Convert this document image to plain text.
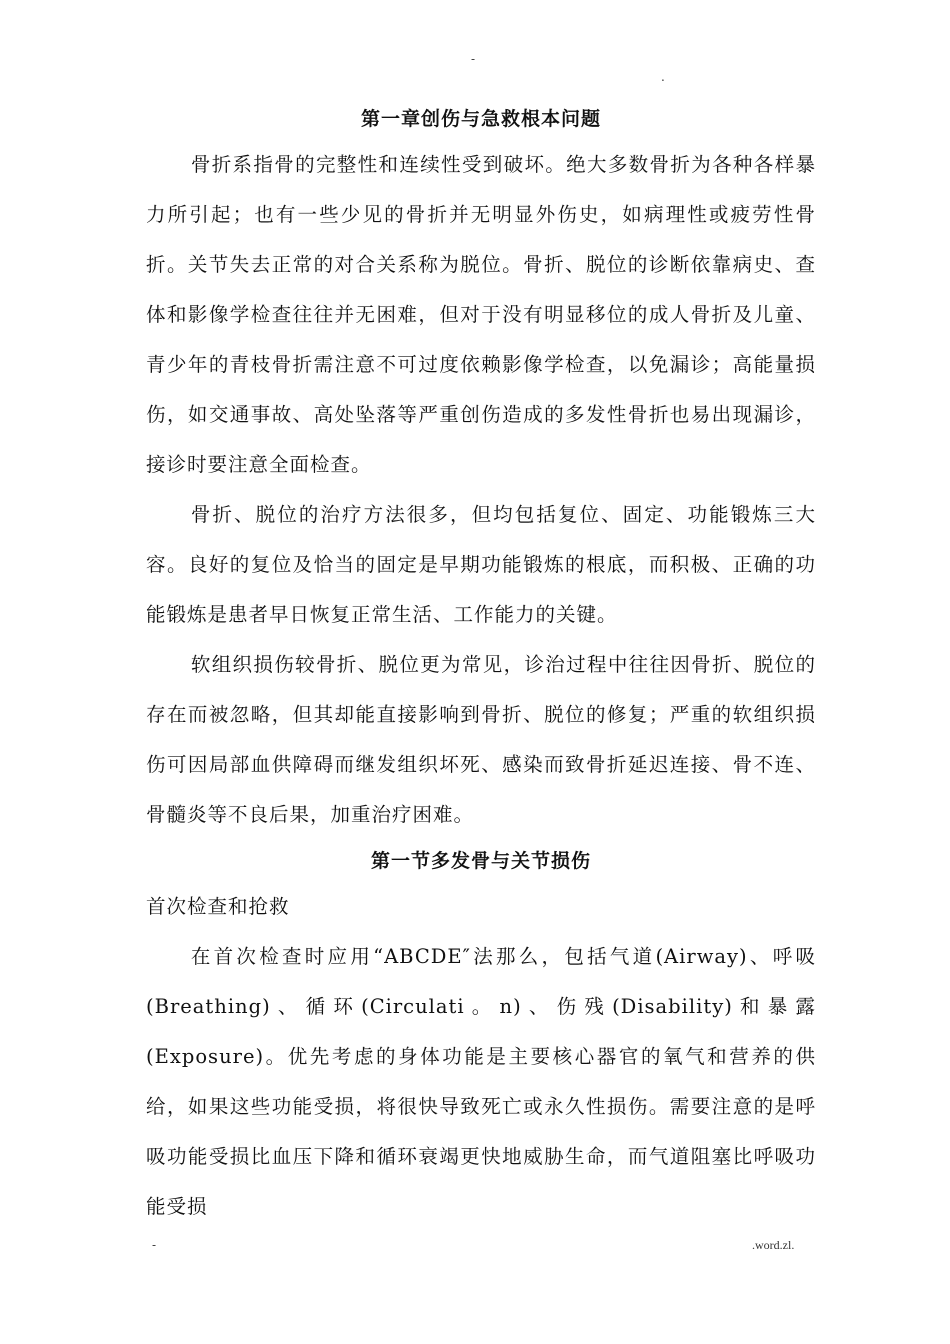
-
.
第一章创伤与急救根本问题

骨折系指骨的完整性和连续性受到破坏。绝大多数骨折为各种各样暴力所引起；也有一些少见的骨折并无明显外伤史，如病理性或疲劳性骨折。关节失去正常的对合关系称为脱位。骨折、脱位的诊断依靠病史、查体和影像学检查往往并无困难，但对于没有明显移位的成人骨折及儿童、青少年的青枝骨折需注意不可过度依赖影像学检查，以免漏诊；高能量损伤，如交通事故、高处坠落等严重创伤造成的多发性骨折也易出现漏诊，接诊时要注意全面检查。

骨折、脱位的治疗方法很多，但均包括复位、固定、功能锻炼三大容。良好的复位及恰当的固定是早期功能锻炼的根底，而积极、正确的功能锻炼是患者早日恢复正常生活、工作能力的关键。

软组织损伤较骨折、脱位更为常见，诊治过程中往往因骨折、脱位的存在而被忽略，但其却能直接影响到骨折、脱位的修复；严重的软组织损伤可因局部血供障碍而继发组织坏死、感染而致骨折延迟连接、骨不连、骨髓炎等不良后果，加重治疗困难。

第一节多发骨与关节损伤

首次检查和抢救

在首次检查时应用“ABCDE″法那么，包括气道(Airway)、呼吸(Breathing)、循环(Circulati。n)、伤残(Disability)和暴露(Exposure)。优先考虑的身体功能是主要核心器官的氧气和营养的供给，如果这些功能受损，将很快导致死亡或永久性损伤。需要注意的是呼吸功能受损比血压下降和循环衰竭更快地威胁生命，而气道阻塞比呼吸功能受损

-	.word.zl.
